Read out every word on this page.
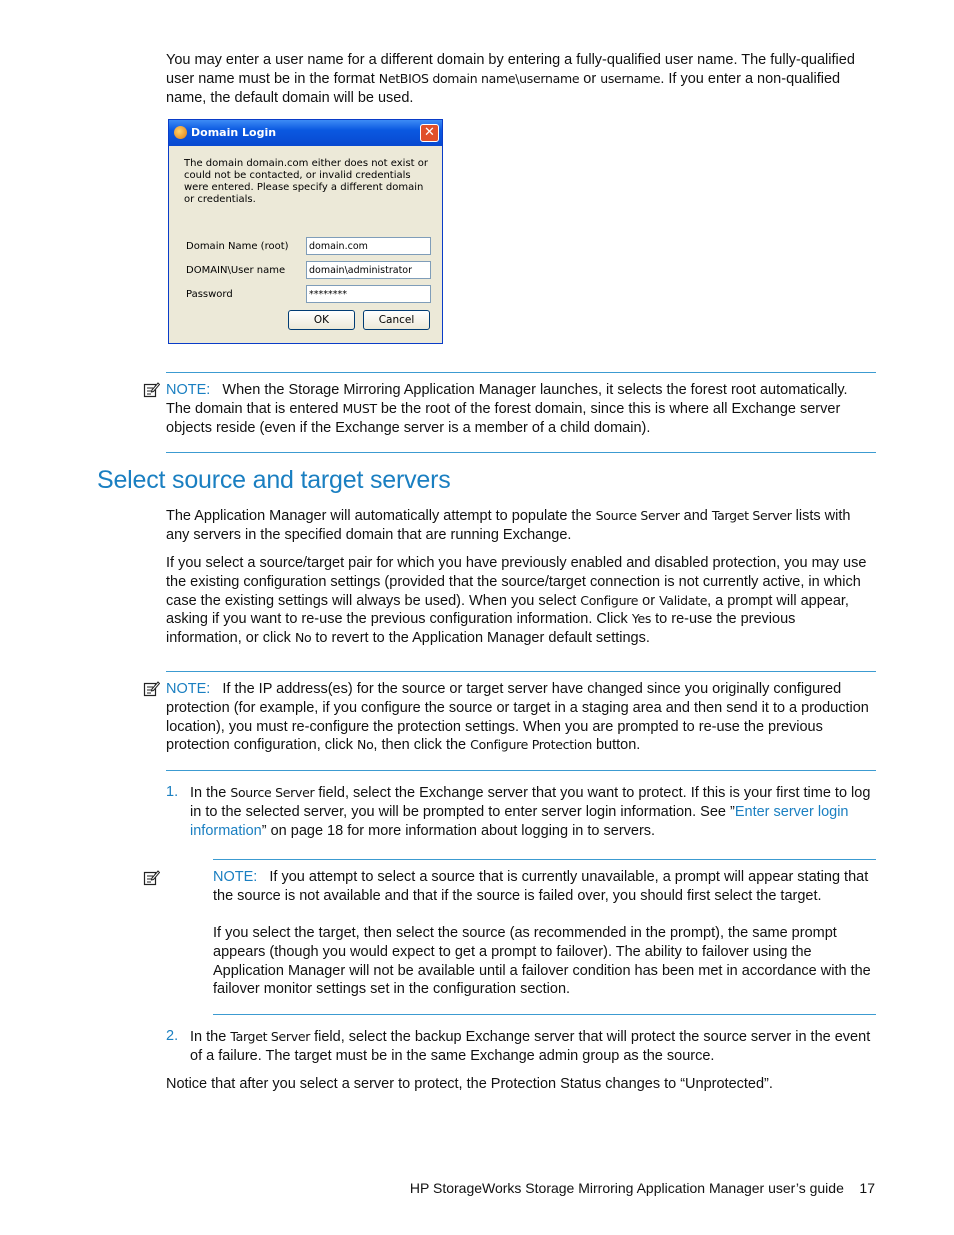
You may enter a user name for a different domain by entering a fully-qualified user name. The fully-qualified user name must be in the format NetBIOS domain name\username or username. If you enter a non-qualified name, the default domain will be used.
Domain Login	✕
The domain domain.com either does not exist or could not be contacted, or invalid credentials were entered. Please specify a different domain or credentials.
Domain Name (root)	domain.com
DOMAIN\User name	domain\administrator
Password	********
OK	Cancel
NOTE: When the Storage Mirroring Application Manager launches, it selects the forest root automatically. The domain that is entered MUST be the root of the forest domain, since this is where all Exchange server objects reside (even if the Exchange server is a member of a child domain).
Select source and target servers
The Application Manager will automatically attempt to populate the Source Server and Target Server lists with any servers in the specified domain that are running Exchange.
If you select a source/target pair for which you have previously enabled and disabled protection, you may use the existing configuration settings (provided that the source/target connection is not currently active, in which case the existing settings will always be used). When you select Configure or Validate, a prompt will appear, asking if you want to re-use the previous configuration information. Click Yes to re-use the previous information, or click No to revert to the Application Manager default settings.
NOTE: If the IP address(es) for the source or target server have changed since you originally configured protection (for example, if you configure the source or target in a staging area and then send it to a production location), you must re-configure the protection settings. When you are prompted to re-use the previous protection configuration, click No, then click the Configure Protection button.
1. In the Source Server field, select the Exchange server that you want to protect. If this is your first time to log in to the selected server, you will be prompted to enter server login information. See ”Enter server login information” on page 18 for more information about logging in to servers.
NOTE: If you attempt to select a source that is currently unavailable, a prompt will appear stating that the source is not available and that if the source is failed over, you should first select the target.
If you select the target, then select the source (as recommended in the prompt), the same prompt appears (though you would expect to get a prompt to failover). The ability to failover using the Application Manager will not be available until a failover condition has been met in accordance with the failover monitor settings set in the configuration section.
2. In the Target Server field, select the backup Exchange server that will protect the source server in the event of a failure. The target must be in the same Exchange admin group as the source.
Notice that after you select a server to protect, the Protection Status changes to “Unprotected”.
HP StorageWorks Storage Mirroring Application Manager user’s guide 17
